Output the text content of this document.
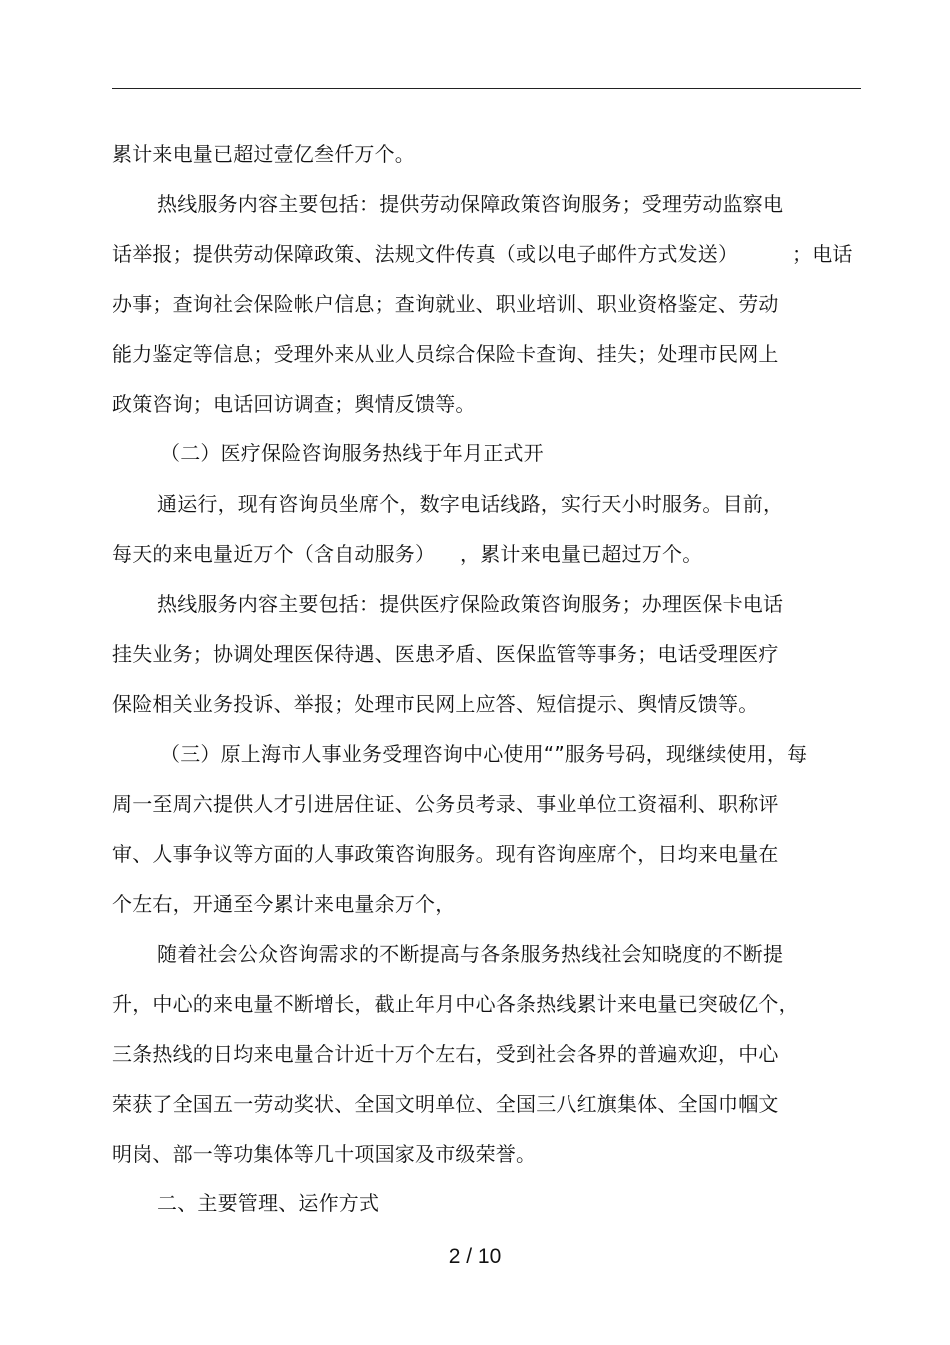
累计来电量已超过壹亿叁仟万个。
热线服务内容主要包括：提供劳动保障政策咨询服务；受理劳动监察电
话举报；提供劳动保障政策、法规文件传真（或以电子邮件方式发送）	；电话
办事；查询社会保险帐户信息；查询就业、职业培训、职业资格鉴定、劳动
能力鉴定等信息；受理外来从业人员综合保险卡查询、挂失；处理市民网上
政策咨询；电话回访调查；舆情反馈等。
（二）医疗保险咨询服务热线于年月正式开
通运行，现有咨询员坐席个，数字电话线路，实行天小时服务。目前，
每天的来电量近万个（含自动服务） ，累计来电量已超过万个。
热线服务内容主要包括：提供医疗保险政策咨询服务；办理医保卡电话
挂失业务；协调处理医保待遇、医患矛盾、医保监管等事务；电话受理医疗
保险相关业务投诉、举报；处理市民网上应答、短信提示、舆情反馈等。
（三）原上海市人事业务受理咨询中心使用“”服务号码，现继续使用，每
周一至周六提供人才引进居住证、公务员考录、事业单位工资福利、职称评
审、人事争议等方面的人事政策咨询服务。现有咨询座席个，日均来电量在
个左右，开通至今累计来电量余万个，
随着社会公众咨询需求的不断提高与各条服务热线社会知晓度的不断提
升，中心的来电量不断增长，截止年月中心各条热线累计来电量已突破亿个，
三条热线的日均来电量合计近十万个左右，受到社会各界的普遍欢迎，中心
荣获了全国五一劳动奖状、全国文明单位、全国三八红旗集体、全国巾帼文
明岗、部一等功集体等几十项国家及市级荣誉。
二、主要管理、运作方式
2 / 10
